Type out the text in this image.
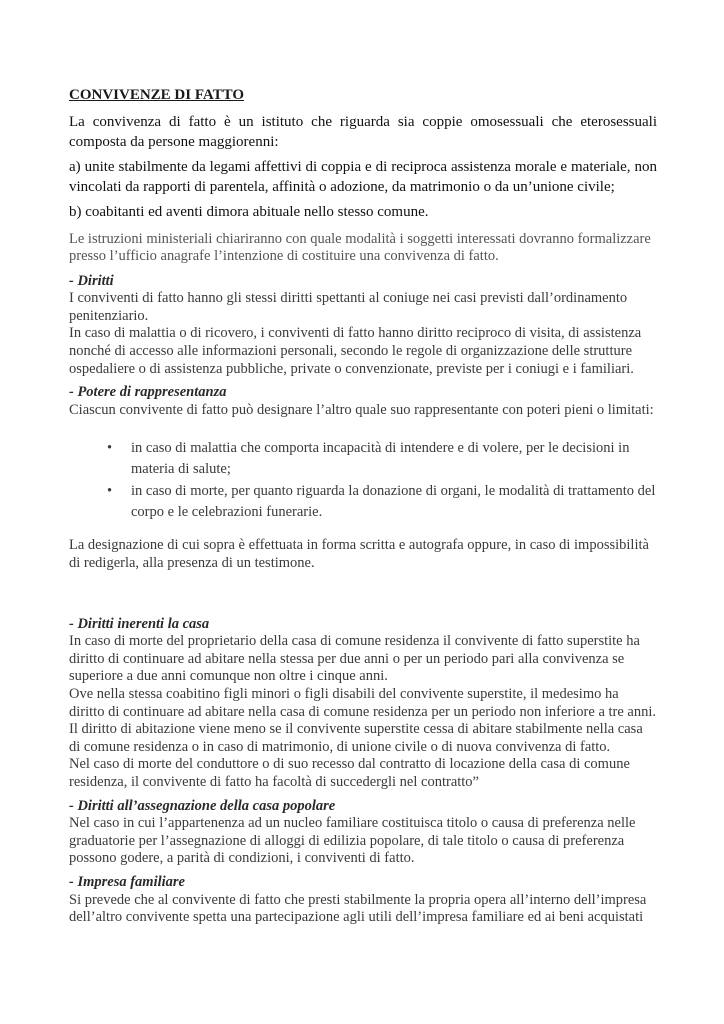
CONVIVENZE DI FATTO

La convivenza di fatto è un istituto che riguarda sia coppie omosessuali che eterosessuali composta da persone maggiorenni:

a) unite stabilmente da legami affettivi di coppia e di reciproca assistenza morale e materiale, non vincolati da rapporti di parentela, affinità o adozione, da matrimonio o da un’unione civile;

b) coabitanti ed aventi dimora abituale nello stesso comune.

Le istruzioni ministeriali chiariranno con quale modalità i soggetti interessati dovranno formalizzare presso l’ufficio anagrafe l’intenzione di costituire una convivenza di fatto.

- Diritti

I conviventi di fatto hanno gli stessi diritti spettanti al coniuge nei casi previsti dall’ordinamento penitenziario.

In caso di malattia o di ricovero, i conviventi di fatto hanno diritto reciproco di visita, di assistenza nonché di accesso alle informazioni personali, secondo le regole di organizzazione delle strutture ospedaliere o di assistenza pubbliche, private o convenzionate, previste per i coniugi e i familiari.

- Potere di rappresentanza

Ciascun convivente di fatto può designare l’altro quale suo rappresentante con poteri pieni o limitati:

• in caso di malattia che comporta incapacità di intendere e di volere, per le decisioni in materia di salute;
• in caso di morte, per quanto riguarda la donazione di organi, le modalità di trattamento del corpo e le celebrazioni funerarie.

La designazione di cui sopra è effettuata in forma scritta e autografa oppure, in caso di impossibilità di redigerla, alla presenza di un testimone.

- Diritti inerenti la casa

In caso di morte del proprietario della casa di comune residenza il convivente di fatto superstite ha diritto di continuare ad abitare nella stessa per due anni o per un periodo pari alla convivenza se superiore a due anni comunque non oltre i cinque anni.

Ove nella stessa coabitino figli minori o figli disabili del convivente superstite, il medesimo ha diritto di continuare ad abitare nella casa di comune residenza per un periodo non inferiore a tre anni.

Il diritto di abitazione viene meno se il convivente superstite cessa di abitare stabilmente nella casa di comune residenza o in caso di matrimonio, di unione civile o di nuova convivenza di fatto.

Nel caso di morte del conduttore o di suo recesso dal contratto di locazione della casa di comune residenza, il convivente di fatto ha facoltà di succedergli nel contratto”

- Diritti all’assegnazione della casa popolare

Nel caso in cui l’appartenenza ad un nucleo familiare costituisca titolo o causa di preferenza nelle graduatorie per l’assegnazione di alloggi di edilizia popolare, di tale titolo o causa di preferenza possono godere, a parità di condizioni, i conviventi di fatto.

- Impresa familiare

Si prevede che al convivente di fatto che presti stabilmente la propria opera all’interno dell’impresa dell’altro convivente spetta una partecipazione agli utili dell’impresa familiare ed ai beni acquistati
